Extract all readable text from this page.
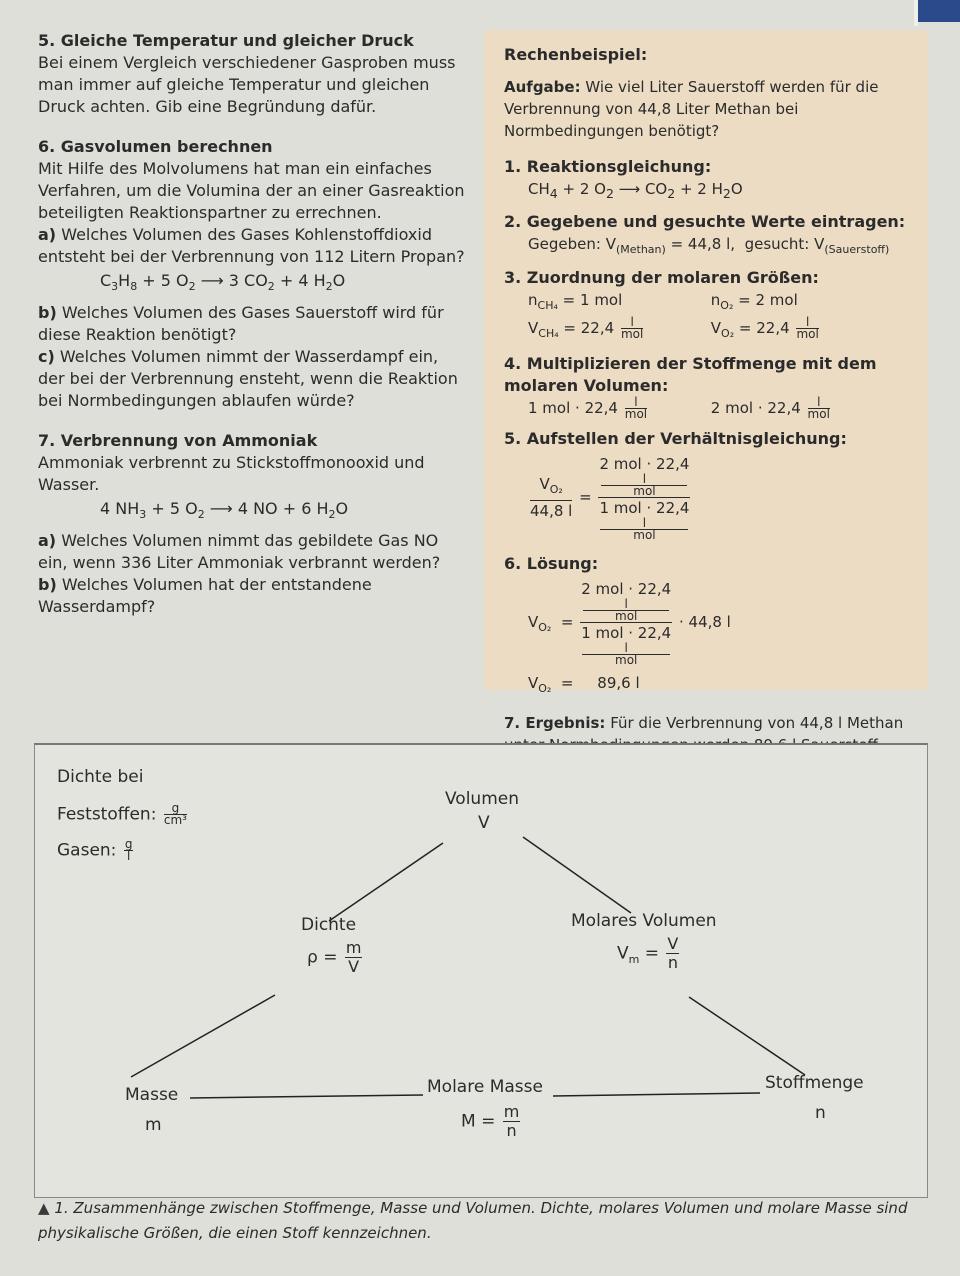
5. Gleiche Temperatur und gleicher Druck

Bei einem Vergleich verschiedener Gasproben muss man immer auf gleiche Temperatur und gleichen Druck achten. Gib eine Begründung dafür.

6. Gasvolumen berechnen

Mit Hilfe des Molvolumens hat man ein einfaches Verfahren, um die Volumina der an einer Gasreaktion beteiligten Reaktionspartner zu errechnen.

a) Welches Volumen des Gases Kohlenstoffdioxid entsteht bei der Verbrennung von 112 Litern Propan?

$C_3H_8 + 5$ $O_2$ ⟶ 3 $CO_2 + 4$ $H_2O$

b) Welches Volumen des Gases Sauerstoff wird für diese Reaktion benötigt?

c) Welches Volumen nimmt der Wasserdampf ein, der bei der Verbrennung ensteht, wenn die Reaktion bei Normbedingungen ablaufen würde?

7. Verbrennung von Ammoniak

Ammoniak verbrennt zu Stickstoffmonooxid und Wasser.

4 $NH_3 + 5$ $O_2$ ⟶ 4 NO + 6 $H_2O$

a) Welches Volumen nimmt das gebildete Gas NO ein, wenn 336 Liter Ammoniak verbrannt werden?

b) Welches Volumen hat der entstandene Wasserdampf?

Rechenbeispiel:

Aufgabe: Wie viel Liter Sauerstoff werden für die Verbrennung von 44,8 Liter Methan bei Normbedingungen benötigt?

1. Reaktionsgleichung:
$CH_4 + 2$ $O_2$ ⟶ $CO_2 + 2$ $H_2O$
2. Gegebene und gesuchte Werte eintragen:
Gegeben: $V_{(Methan)} = 44,8$ l, gesucht: $V_{(Sauerstoff)}$
3. Zuordnung der molaren Größen:
$n_{CH_4} = 1$ mol	$n_{O_2} = 2$ mol
$V_{CH_4} = 22,4 \frac{l}{\text{mol}}$	$V_{O_2} = 22,4 \frac{l}{\text{mol}}$
4. Multiplizieren der Stoffmenge mit dem molaren Volumen:
1 mol · $22,4 \frac{l}{\text{mol}}$	2 mol · $22,4 \frac{l}{\text{mol}}$
5. Aufstellen der Verhältnisgleichung:
$\frac{V_{O_2}}{44,8 l} = 2$ mol · 22,4
l
mol
1 mol · 22,4
l
mol
6. Lösung:
$V_{O_2} = 2$ mol · 22,4
l
mol
1 mol · 22,4
l
mol · 44,8 l
$V_{O_2}$  =     89,6 l

7. Ergebnis: Für die Verbrennung von 44,8 l Methan

Dichte bei
Feststoffen: $\frac{g}{\text{cm³}}$
Gasen: $\frac{g}{l}$
Volumen
V
Dichte
$\rho = \frac{m}{V}$
Molares Volumen
$V_m = \frac{V}{n}$
Masse
m
Molare Masse
$M = \frac{m}{n}$
Stoffmenge
n
▲ 1. Zusammenhänge zwischen Stoffmenge, Masse und Volumen. Dichte, molares Volumen und molare Masse sind physikalische Größen, die einen Stoff kennzeichnen.
